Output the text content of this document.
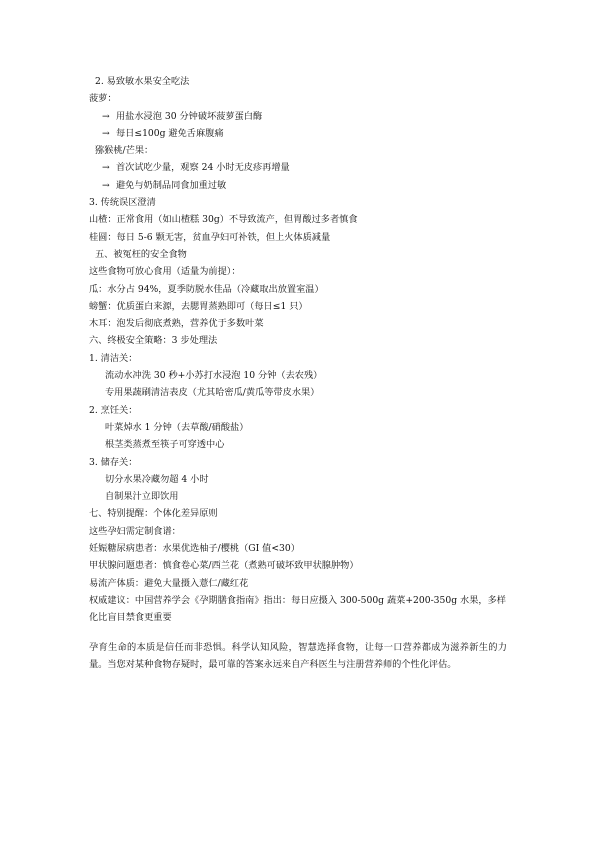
2. 易致敏水果安全吃法
菠萝：
→ 用盐水浸泡 30 分钟破坏菠萝蛋白酶
→ 每日≤100g 避免舌麻腹痛
猕猴桃/芒果：
→ 首次试吃少量，观察 24 小时无皮疹再增量
→ 避免与奶制品同食加重过敏
3. 传统误区澄清
山楂：正常食用（如山楂糕 30g）不导致流产，但胃酸过多者慎食
桂圆：每日 5-6 颗无害，贫血孕妇可补铁，但上火体质减量
五、被冤枉的安全食物
这些食物可放心食用（适量为前提）：
瓜：水分占 94%，夏季防脱水佳品（冷藏取出放置室温）
螃蟹：优质蛋白来源，去腮胃蒸熟即可（每日≤1 只）
木耳：泡发后彻底煮熟，营养优于多数叶菜
六、终极安全策略：3 步处理法
1. 清洁关：
流动水冲洗 30 秒+小苏打水浸泡 10 分钟（去农残）
专用果蔬刷清洁表皮（尤其哈密瓜/黄瓜等带皮水果）
2. 烹饪关：
叶菜焯水 1 分钟（去草酸/硝酸盐）
根茎类蒸煮至筷子可穿透中心
3. 储存关：
切分水果冷藏勿超 4 小时
自制果汁立即饮用
七、特别提醒：个体化差异原则
这些孕妇需定制食谱：
妊娠糖尿病患者：水果优选柚子/樱桃（GI 值<30）
甲状腺问题患者：慎食卷心菜/西兰花（煮熟可破坏致甲状腺肿物）
易流产体质：避免大量摄入薏仁/藏红花
权威建议：中国营养学会《孕期膳食指南》指出：每日应摄入 300-500g 蔬菜+200-350g 水果，多样化比盲目禁食更重要
孕育生命的本质是信任而非恐惧。科学认知风险，智慧选择食物，让每一口营养都成为滋养新生的力量。当您对某种食物存疑时，最可靠的答案永远来自产科医生与注册营养师的个性化评估。
